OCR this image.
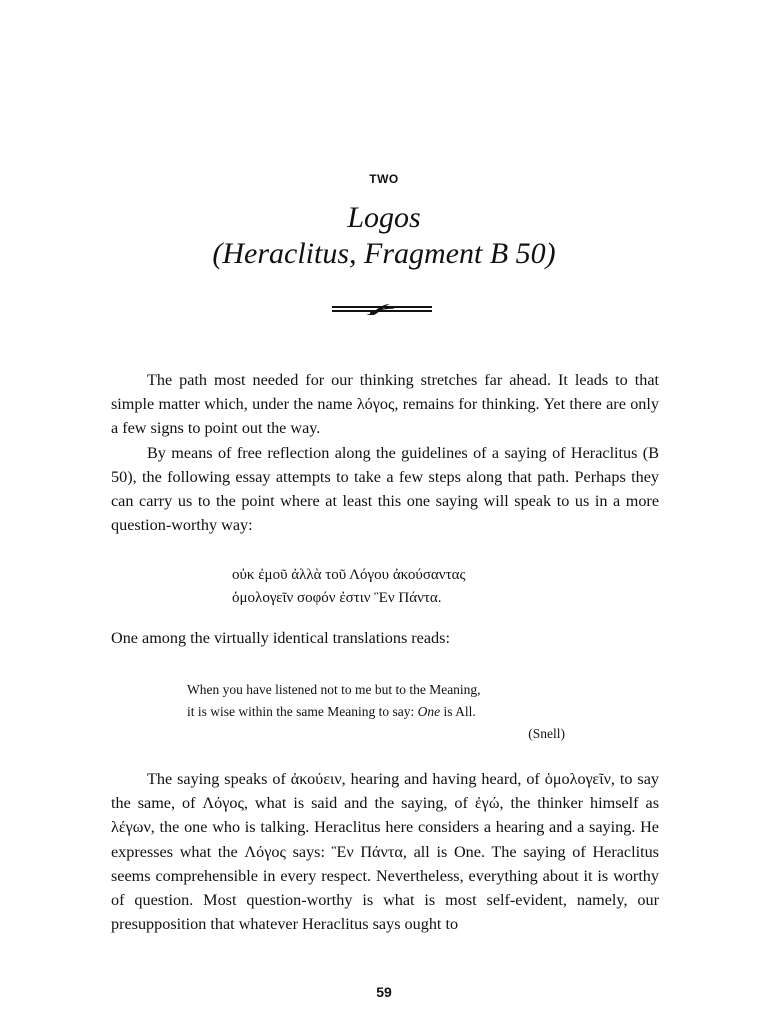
TWO
Logos
(Heraclitus, Fragment B 50)

The path most needed for our thinking stretches far ahead. It leads to that simple matter which, under the name λόγος, remains for thinking. Yet there are only a few signs to point out the way.

By means of free reflection along the guidelines of a saying of Heraclitus (B 50), the following essay attempts to take a few steps along that path. Perhaps they can carry us to the point where at least this one saying will speak to us in a more question-worthy way:

οὐκ ἐμοῦ ἀλλὰ τοῦ Λόγου ἀκούσαντας
ὁμολογεῖν σοφόν ἐστιν Ἓν Πάντα.
One among the virtually identical translations reads:
When you have listened not to me but to the Meaning,
it is wise within the same Meaning to say: One is All.
(Snell)

The saying speaks of ἀκούειν, hearing and having heard, of ὁμολογεῖν, to say the same, of Λόγος, what is said and the saying, of ἐγώ, the thinker himself as λέγων, the one who is talking. Heraclitus here considers a hearing and a saying. He expresses what the Λόγος says: Ἓν Πάντα, all is One. The saying of Heraclitus seems comprehensible in every respect. Nevertheless, everything about it is worthy of question. Most question-worthy is what is most self-evident, namely, our presupposition that whatever Heraclitus says ought to

59
